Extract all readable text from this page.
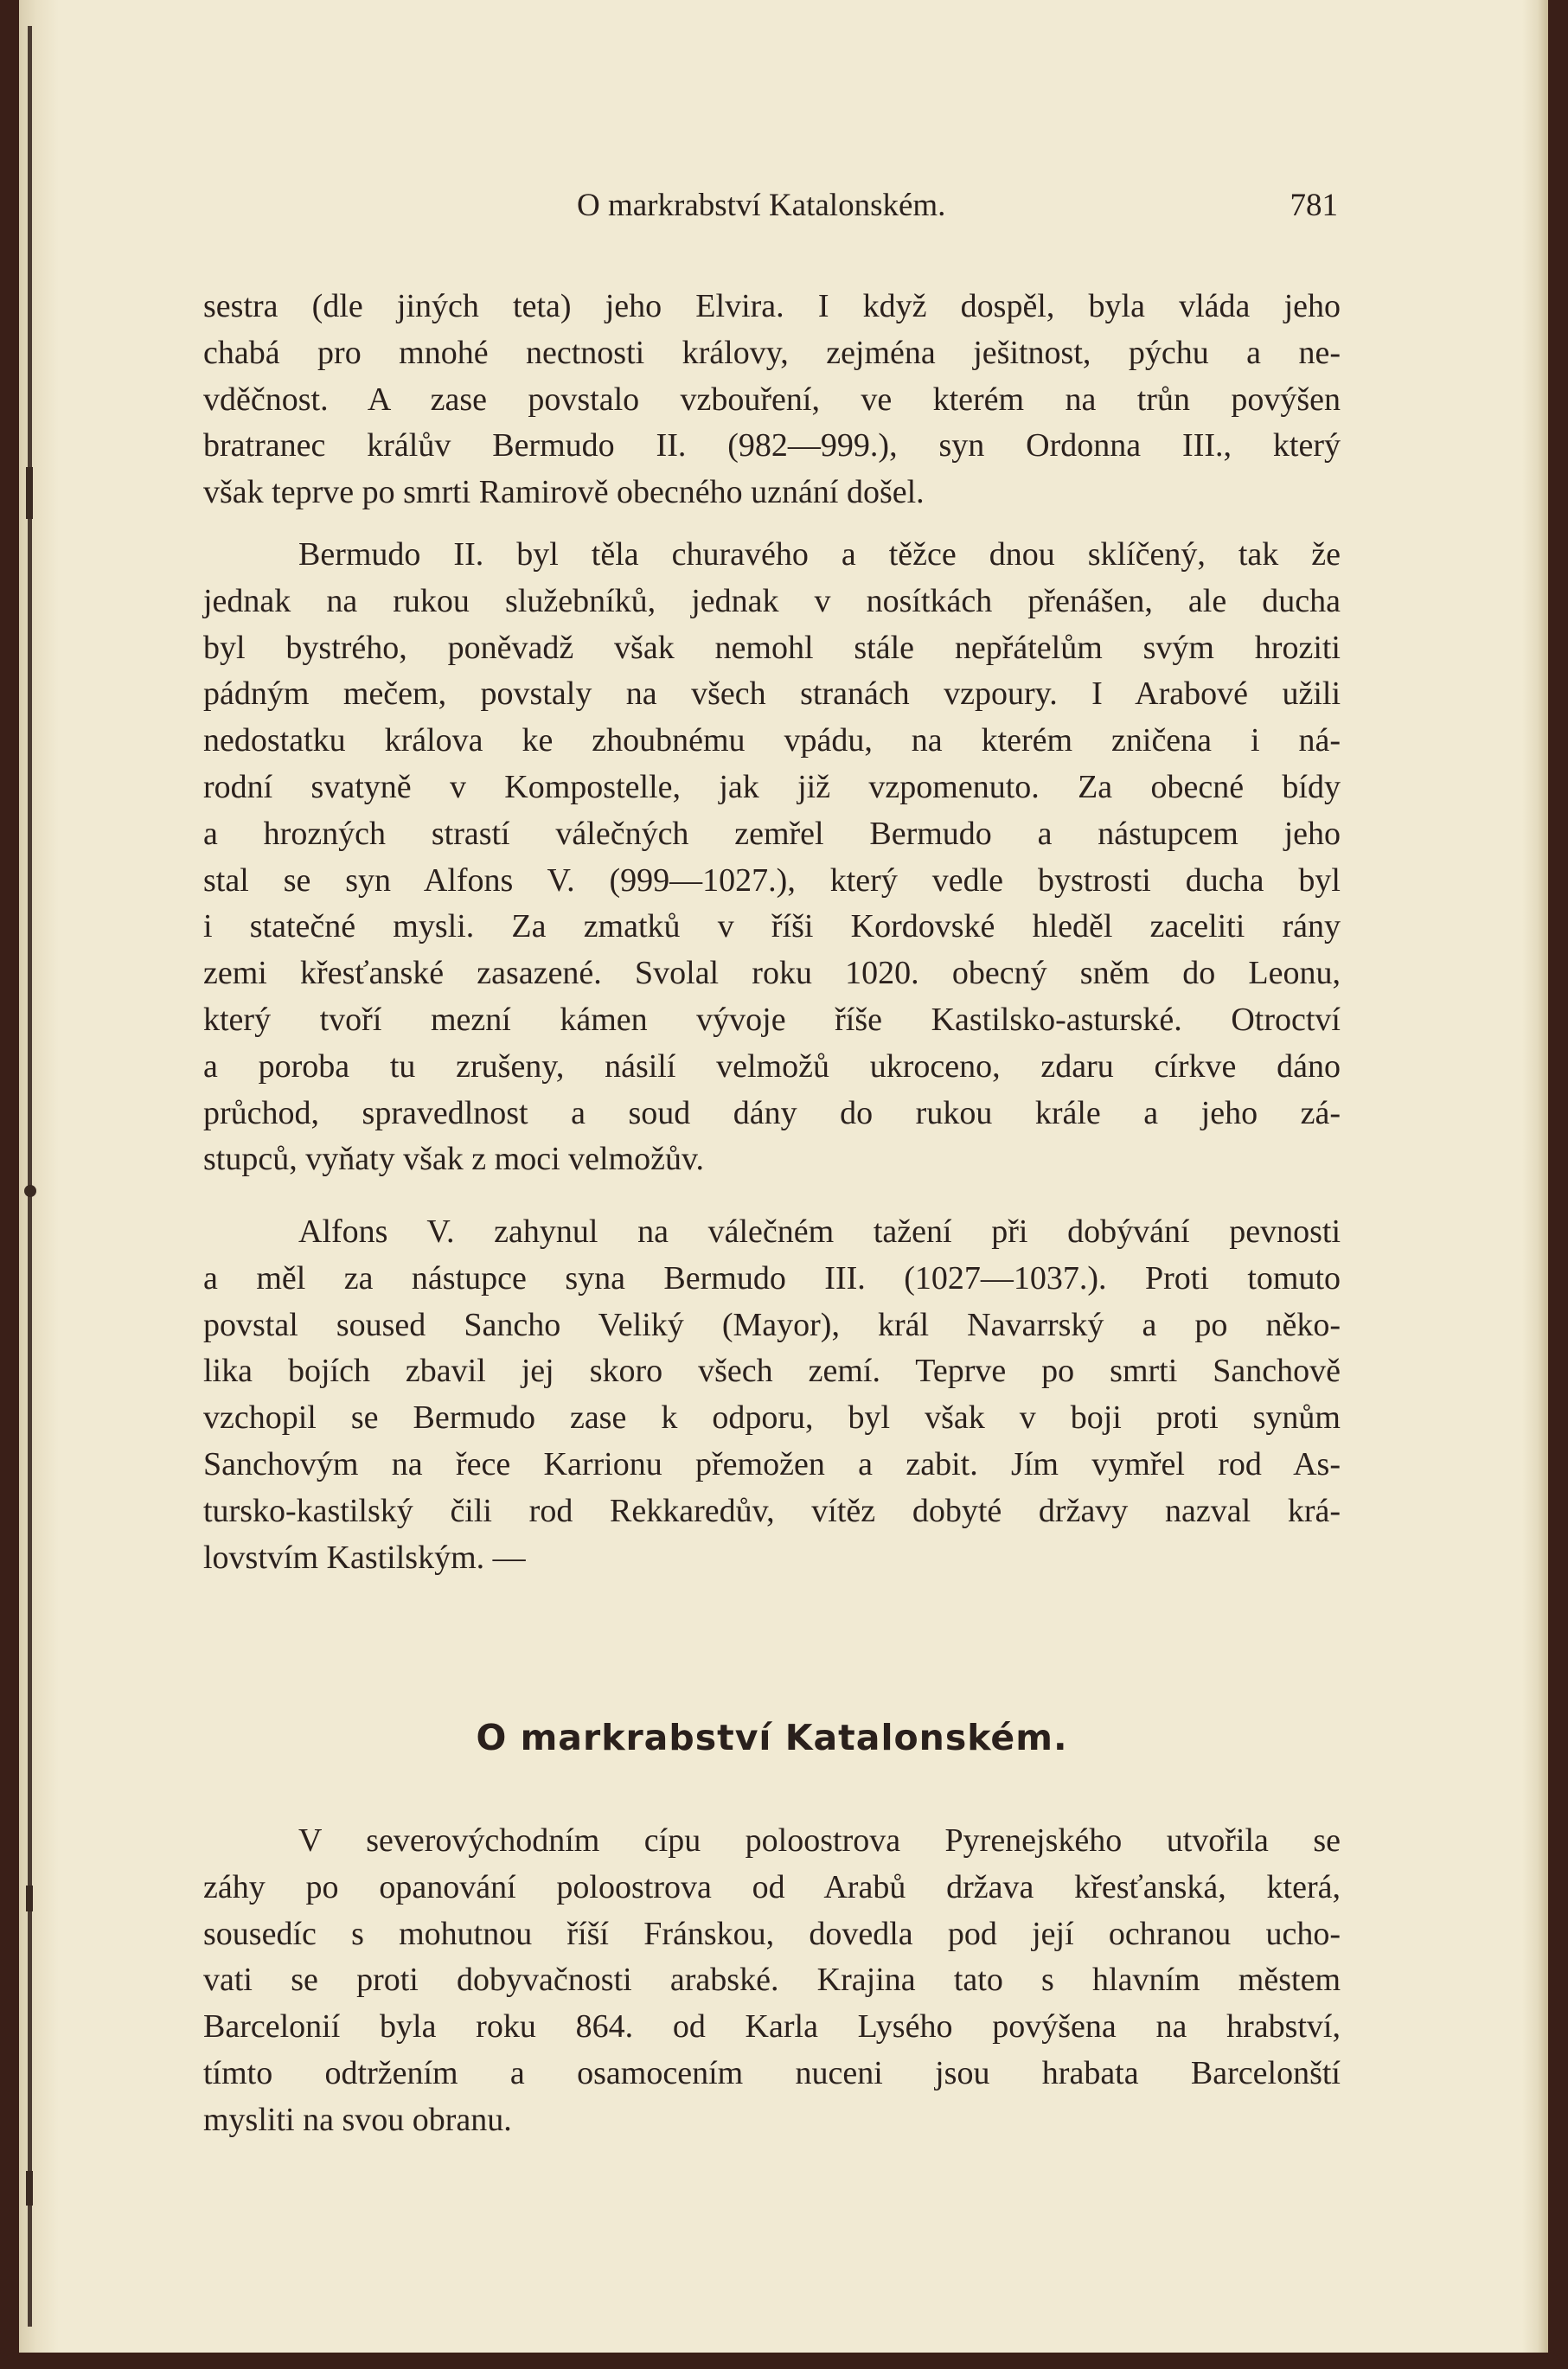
O markrabství Katalonském.	781
sestra (dle jiných teta) jeho Elvira. I když dospěl, byla vláda jeho
chabá pro mnohé nectnosti královy, zejména ješitnost, pýchu a ne-
vděčnost. A zase povstalo vzbouření, ve kterém na trůn povýšen
bratranec králův Bermudo II. (982—999.), syn Ordonna III., který
však teprve po smrti Ramirově obecného uznání došel.
Bermudo II. byl těla churavého a těžce dnou sklíčený, tak že
jednak na rukou služebníků, jednak v nosítkách přenášen, ale ducha
byl bystrého, poněvadž však nemohl stále nepřátelům svým hroziti
pádným mečem, povstaly na všech stranách vzpoury. I Arabové užili
nedostatku králova ke zhoubnému vpádu, na kterém zničena i ná-
rodní svatyně v Kompostelle, jak již vzpomenuto. Za obecné bídy
a hrozných strastí válečných zemřel Bermudo a nástupcem jeho
stal se syn Alfons V. (999—1027.), který vedle bystrosti ducha byl
i statečné mysli. Za zmatků v říši Kordovské hleděl zaceliti rány
zemi křesťanské zasazené. Svolal roku 1020. obecný sněm do Leonu,
který tvoří mezní kámen vývoje říše Kastilsko-asturské. Otroctví
a poroba tu zrušeny, násilí velmožů ukroceno, zdaru církve dáno
průchod, spravedlnost a soud dány do rukou krále a jeho zá-
stupců, vyňaty však z moci velmožův.
Alfons V. zahynul na válečném tažení při dobývání pevnosti
a měl za nástupce syna Bermudo III. (1027—1037.). Proti tomuto
povstal soused Sancho Veliký (Mayor), král Navarrský a po něko-
lika bojích zbavil jej skoro všech zemí. Teprve po smrti Sanchově
vzchopil se Bermudo zase k odporu, byl však v boji proti synům
Sanchovým na řece Karrionu přemožen a zabit. Jím vymřel rod As-
tursko-kastilský čili rod Rekkaredův, vítěz dobyté državy nazval krá-
lovstvím Kastilským. —
O markrabství Katalonském.
V severovýchodním cípu poloostrova Pyrenejského utvořila se
záhy po opanování poloostrova od Arabů država křesťanská, která,
sousedíc s mohutnou říší Fránskou, dovedla pod její ochranou ucho-
vati se proti dobyvačnosti arabské. Krajina tato s hlavním městem
Barcelonií byla roku 864. od Karla Lysého povýšena na hrabství,
tímto odtržením a osamocením nuceni jsou hrabata Barcelonští
mysliti na svou obranu.
